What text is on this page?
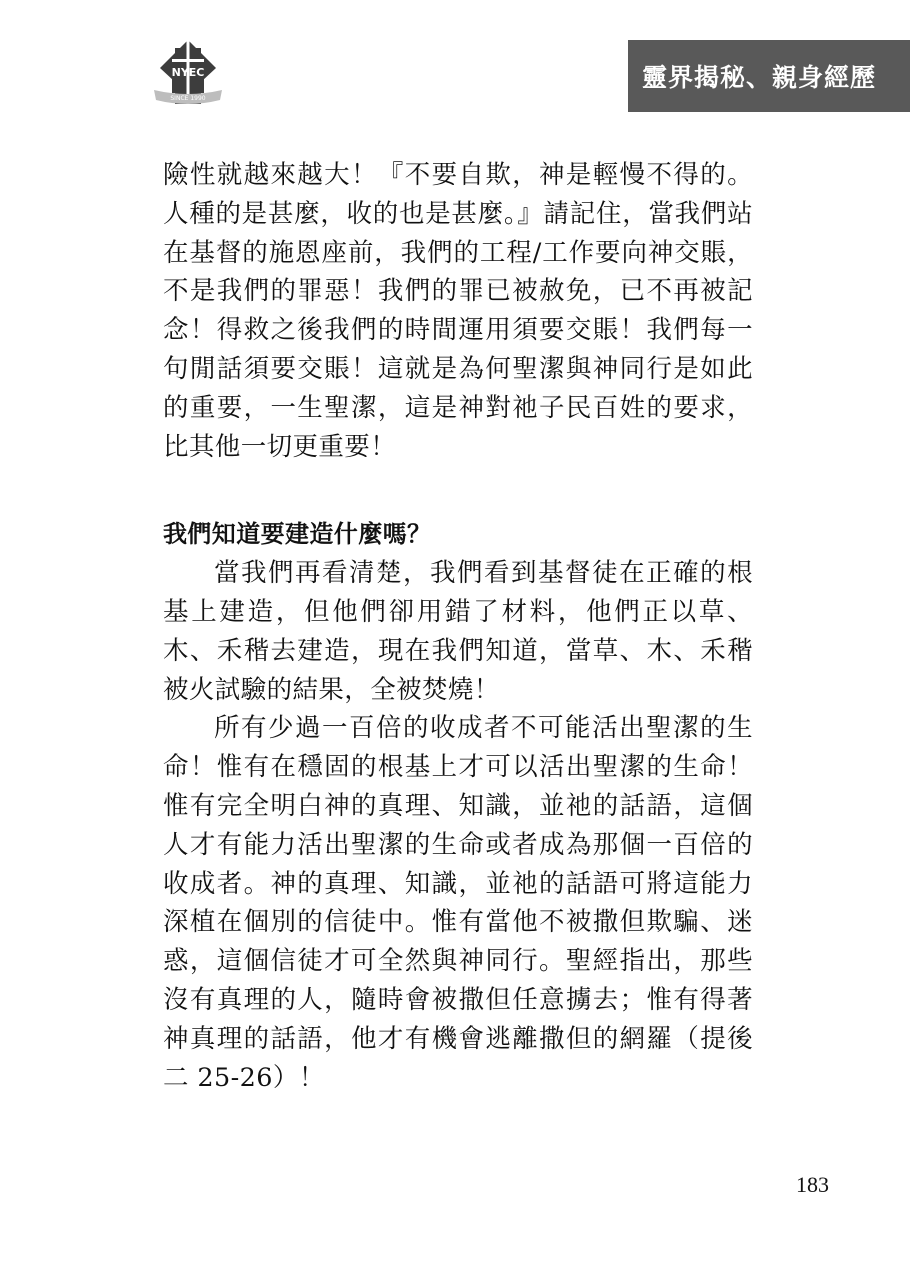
NYEC
SINCE 1990
靈界揭秘、親身經歷

險性就越來越大！『不要自欺，神是輕慢不得的。人種的是甚麼，收的也是甚麼。』請記住，當我們站在基督的施恩座前，我們的工程/工作要向神交賬，不是我們的罪惡！我們的罪已被赦免，已不再被記念！得救之後我們的時間運用須要交賬！我們每一句閒話須要交賬！這就是為何聖潔與神同行是如此的重要，一生聖潔，這是神對祂子民百姓的要求，比其他一切更重要！

我們知道要建造什麼嗎？

當我們再看清楚，我們看到基督徒在正確的根基上建造，但他們卻用錯了材料，他們正以草、木、禾稭去建造，現在我們知道，當草、木、禾稭被火試驗的結果，全被焚燒！

所有少過一百倍的收成者不可能活出聖潔的生命！惟有在穩固的根基上才可以活出聖潔的生命！惟有完全明白神的真理、知識，並祂的話語，這個人才有能力活出聖潔的生命或者成為那個一百倍的收成者。神的真理、知識，並祂的話語可將這能力深植在個別的信徒中。惟有當他不被撒但欺騙、迷惑，這個信徒才可全然與神同行。聖經指出，那些沒有真理的人，隨時會被撒但任意擄去；惟有得著神真理的話語，他才有機會逃離撒但的網羅（提後二 25-26）！

183
